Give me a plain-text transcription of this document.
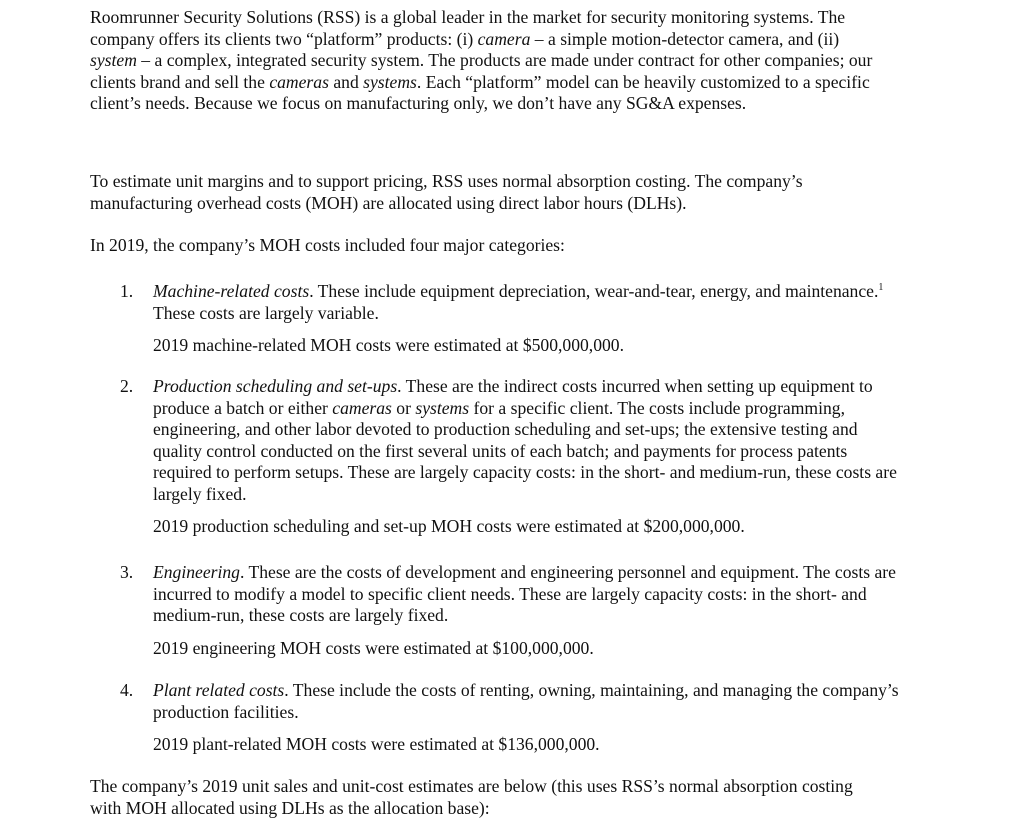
Roomrunner Security Solutions (RSS) is a global leader in the market for security monitoring systems. The company offers its clients two “platform” products: (i) camera – a simple motion-detector camera, and (ii) system – a complex, integrated security system. The products are made under contract for other companies; our clients brand and sell the cameras and systems. Each “platform” model can be heavily customized to a specific client’s needs. Because we focus on manufacturing only, we don’t have any SG&A expenses.

To estimate unit margins and to support pricing, RSS uses normal absorption costing. The company’s manufacturing overhead costs (MOH) are allocated using direct labor hours (DLHs).

In 2019, the company’s MOH costs included four major categories:

1. Machine-related costs. These include equipment depreciation, wear-and-tear, energy, and maintenance.$^1$ These costs are largely variable.

2019 machine-related MOH costs were estimated at $500,000,000.

2. Production scheduling and set-ups. These are the indirect costs incurred when setting up equipment to produce a batch or either cameras or systems for a specific client. The costs include programming, engineering, and other labor devoted to production scheduling and set-ups; the extensive testing and quality control conducted on the first several units of each batch; and payments for process patents required to perform setups. These are largely capacity costs: in the short- and medium-run, these costs are largely fixed.

2019 production scheduling and set-up MOH costs were estimated at $200,000,000.

3. Engineering. These are the costs of development and engineering personnel and equipment. The costs are incurred to modify a model to specific client needs. These are largely capacity costs: in the short- and medium-run, these costs are largely fixed.

2019 engineering MOH costs were estimated at $100,000,000.

4. Plant related costs. These include the costs of renting, owning, maintaining, and managing the company’s production facilities.

2019 plant-related MOH costs were estimated at $136,000,000.

The company’s 2019 unit sales and unit-cost estimates are below (this uses RSS’s normal absorption costing with MOH allocated using DLHs as the allocation base):
